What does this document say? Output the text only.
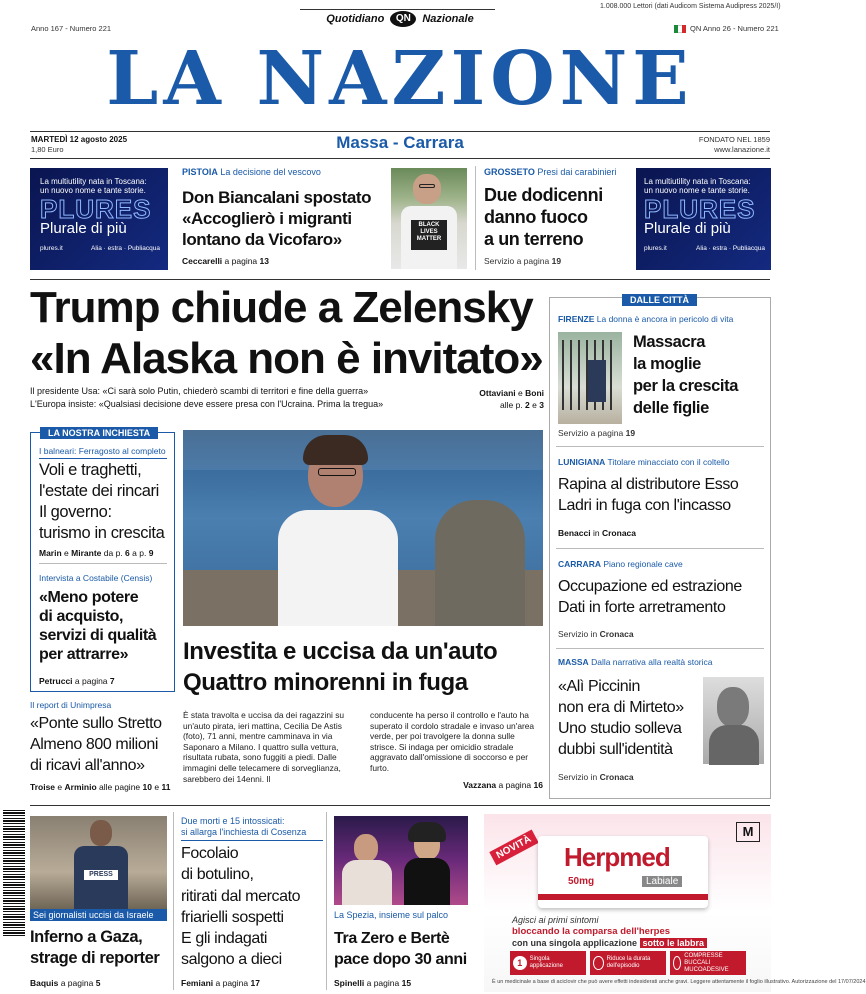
1.008.000 Lettori (dati Audicom Sistema Audipress 2025/I)
Quotidiano	QN	Nazionale
Anno 167 - Numero 221	QN Anno 26 - Numero 221
LA NAZIONE
MARTEDÌ 12 agosto 2025
1,80 Euro	Massa - Carrara	FONDATO NEL 1859
www.lanazione.it
La multiutility nata in Toscana:
un nuovo nome e tante storie.
PLURES
Plurale di più
plures.it	Alia · estra · Publiacqua
La multiutility nata in Toscana:
un nuovo nome e tante storie.
PLURES
Plurale di più
plures.it	Alia · estra · Publiacqua
PISTOIA La decisione del vescovo
Don Biancalani spostato
«Accoglierò i migranti
lontano da Vicofaro»
Ceccarelli a pagina 13
BLACK LIVES MATTER
GROSSETO Presi dai carabinieri
Due dodicenni
danno fuoco
a un terreno
Servizio a pagina 19
Trump chiude a Zelensky
«In Alaska non è invitato»
Il presidente Usa: «Ci sarà solo Putin, chiederò scambi di territori e fine della guerra»
L'Europa insiste: «Qualsiasi decisione deve essere presa con l'Ucraina. Prima la tregua»
Ottaviani e Boni
alle p. 2 e 3
LA NOSTRA INCHIESTA
I balneari: Ferragosto al completo
Voli e traghetti,
l'estate dei rincari
Il governo:
turismo in crescita
Marin e Mirante da p. 6 a p. 9
Intervista a Costabile (Censis)
«Meno potere
di acquisto,
servizi di qualità
per attrarre»
Petrucci a pagina 7
Il report di Unimpresa
«Ponte sullo Stretto
Almeno 800 milioni
di ricavi all'anno»
Troise e Arminio alle pagine 10 e 11
Investita e uccisa da un'auto
Quattro minorenni in fuga
È stata travolta e uccisa da dei ragazzini su un'auto pirata, ieri mattina, Cecilia De Astis (foto), 71 anni, mentre camminava in via Saponaro a Milano. I quattro sulla vettura, risultata rubata, sono fuggiti a piedi. Dalle immagini delle telecamere di sorveglianza, sarebbero dei 14enni. Il
conducente ha perso il controllo e l'auto ha superato il cordolo stradale e invaso un'area verde, per poi travolgere la donna sulle strisce. Si indaga per omicidio stradale aggravato dall'omissione di soccorso e per furto.
Vazzana a pagina 16
DALLE CITTÀ
FIRENZE La donna è ancora in pericolo di vita
Massacra
la moglie
per la crescita
delle figlie
Servizio a pagina 19
LUNIGIANA Titolare minacciato con il coltello
Rapina al distributore Esso
Ladri in fuga con l'incasso
Benacci in Cronaca
CARRARA Piano regionale cave
Occupazione ed estrazione
Dati in forte arretramento
Servizio in Cronaca
MASSA Dalla narrativa alla realtà storica
«Alì Piccinin
non era di Mirteto»
Uno studio solleva
dubbi sull'identità
Servizio in Cronaca
PRESS
Sei giornalisti uccisi da Israele
Inferno a Gaza,
strage di reporter
Baquis a pagina 5
Due morti e 15 intossicati:
si allarga l'inchiesta di Cosenza
Focolaio
di botulino,
ritirati dal mercato
friarielli sospetti
E gli indagati
salgono a dieci
Femiani a pagina 17
La Spezia, insieme sul palco
Tra Zero e Bertè
pace dopo 30 anni
Spinelli a pagina 15
NOVITÀ
M
Herpmed
50mg	Labiale
Agisci ai primi sintomi
bloccando la comparsa dell'herpes
con una singola applicazione sotto le labbra
1	Singola applicazione
Riduce la durata dell'episodio
COMPRESSE BUCCALI MUCOADESIVE
È un medicinale a base di aciclovir che può avere effetti indesiderati anche gravi. Leggere attentamente il foglio illustrativo. Autorizzazione del 17/07/2024
